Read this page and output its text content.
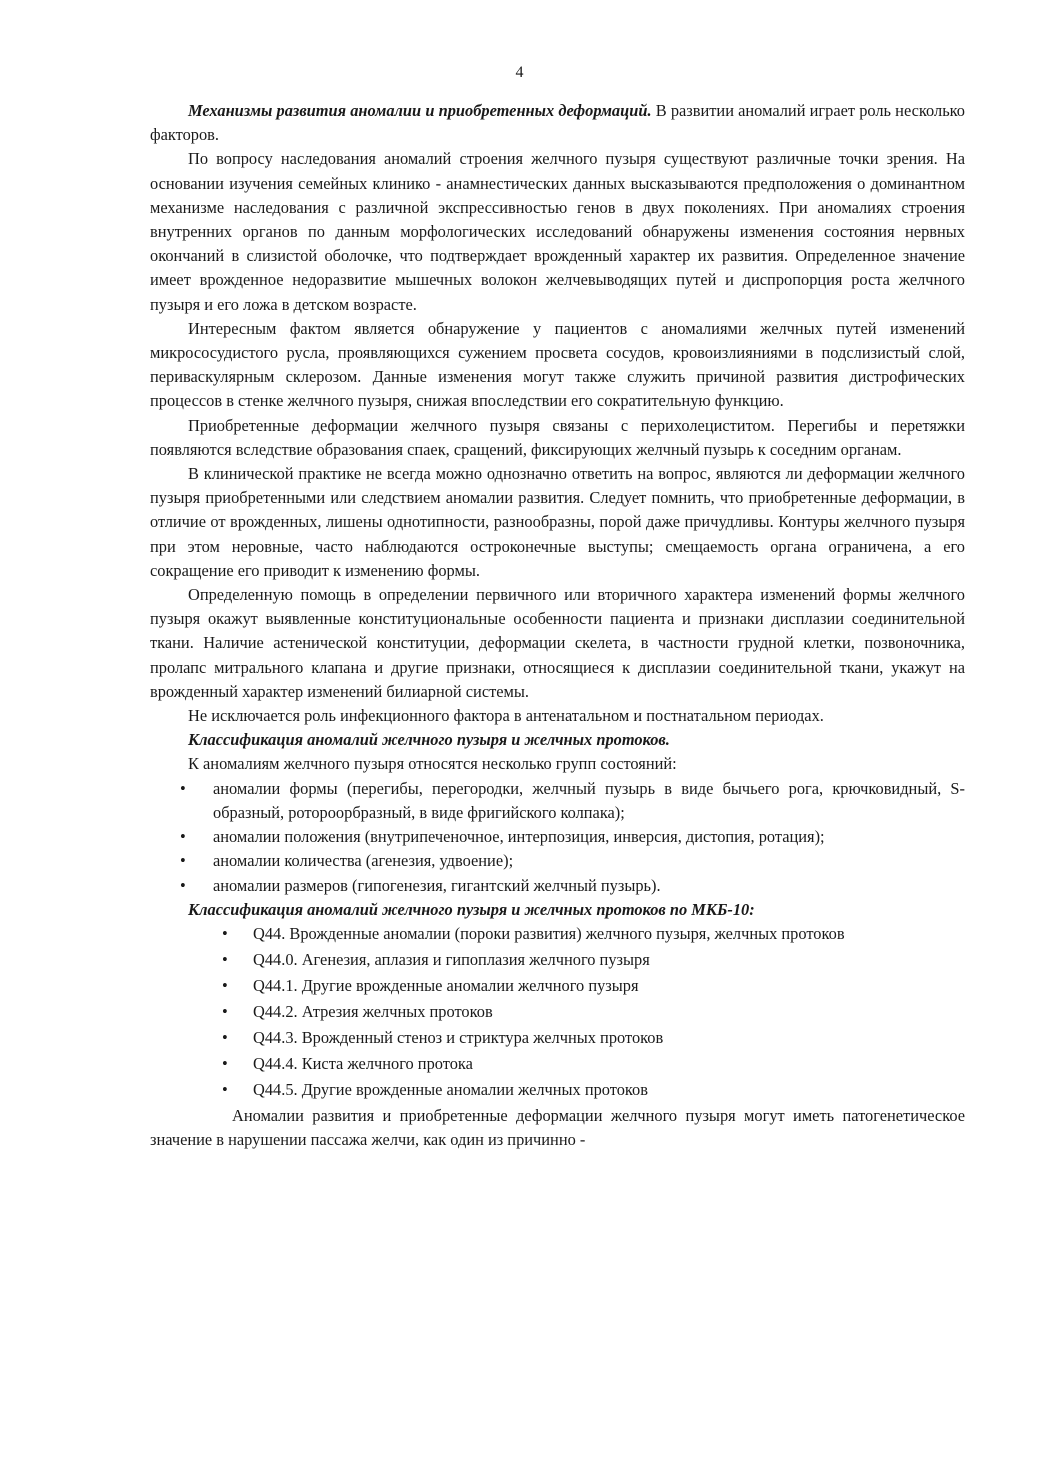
4

Механизмы развития аномалии и приобретенных деформаций. В развитии аномалий играет роль несколько факторов.

По вопросу наследования аномалий строения желчного пузыря существуют различные точки зрения. На основании изучения семейных клинико - анамнестических данных высказываются предположения о доминантном механизме наследования с различной экспрессивностью генов в двух поколениях. При аномалиях строения внутренних органов по данным морфологических исследований обнаружены изменения состояния нервных окончаний в слизистой оболочке, что подтверждает врожденный характер их развития. Определенное значение имеет врожденное недоразвитие мышечных волокон желчевыводящих путей и диспропорция роста желчного пузыря и его ложа в детском возрасте.

Интересным фактом является обнаружение у пациентов с аномалиями желчных путей изменений микрососудистого русла, проявляющихся сужением просвета сосудов, кровоизлияниями в подслизистый слой, периваскулярным склерозом. Данные изменения могут также служить причиной развития дистрофических процессов в стенке желчного пузыря, снижая впоследствии его сократительную функцию.

Приобретенные деформации желчного пузыря связаны с перихолециститом. Перегибы и перетяжки появляются вследствие образования спаек, сращений, фиксирующих желчный пузырь к соседним органам.

В клинической практике не всегда можно однозначно ответить на вопрос, являются ли деформации желчного пузыря приобретенными или следствием аномалии развития. Следует помнить, что приобретенные деформации, в отличие от врожденных, лишены однотипности, разнообразны, порой даже причудливы. Контуры желчного пузыря при этом неровные, часто наблюдаются остроконечные выступы; смещаемость органа ограничена, а его сокращение его приводит к изменению формы.

Определенную помощь в определении первичного или вторичного характера изменений формы желчного пузыря окажут выявленные конституциональные особенности пациента и признаки дисплазии соединительной ткани. Наличие астенической конституции, деформации скелета, в частности грудной клетки, позвоночника, пролапс митрального клапана и другие признаки, относящиеся к дисплазии соединительной ткани, укажут на врожденный характер изменений билиарной системы.

Не исключается роль инфекционного фактора в антенатальном и постнатальном периодах.

Классификация аномалий желчного пузыря и желчных протоков.

К аномалиям желчного пузыря относятся несколько групп состояний:

• аномалии формы (перегибы, перегородки, желчный пузырь в виде бычьего рога, крючковидный, S-образный, ротороорбразный, в виде фригийского колпака);
• аномалии положения (внутрипеченочное, интерпозиция, инверсия, дистопия, ротация);
• аномалии количества (агенезия, удвоение);
• аномалии размеров (гипогенезия, гигантский желчный пузырь).

Классификация аномалий желчного пузыря и желчных протоков по МКБ-10:

• Q44. Врожденные аномалии (пороки развития) желчного пузыря, желчных протоков
• Q44.0. Агенезия, аплазия и гипоплазия желчного пузыря
• Q44.1. Другие врожденные аномалии желчного пузыря
• Q44.2. Атрезия желчных протоков
• Q44.3. Врожденный стеноз и стриктура желчных протоков
• Q44.4. Киста желчного протока
• Q44.5. Другие врожденные аномалии желчных протоков

Аномалии развития и приобретенные деформации желчного пузыря могут иметь патогенетическое значение в нарушении пассажа желчи, как один из причинно -
